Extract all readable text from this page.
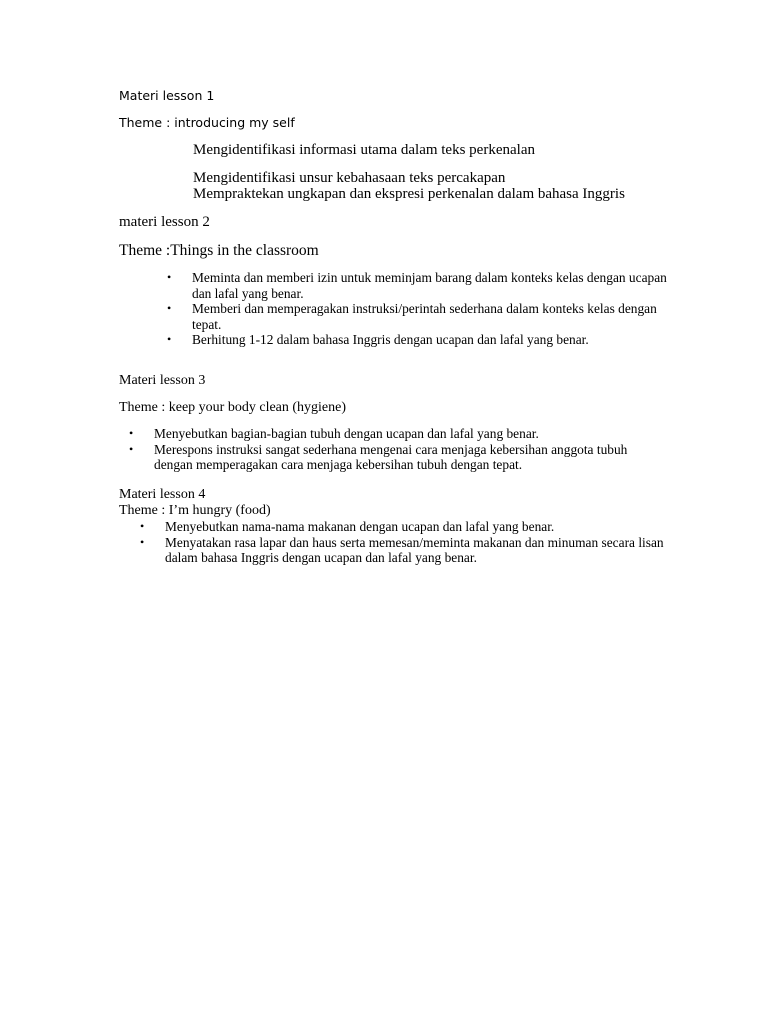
Materi lesson 1
Theme : introducing my self
Mengidentifikasi informasi utama dalam teks perkenalan
Mengidentifikasi unsur kebahasaan teks percakapan
Mempraktekan ungkapan dan ekspresi perkenalan dalam bahasa Inggris
materi lesson 2
Theme :Things in the classroom
• Meminta dan memberi izin untuk meminjam barang dalam konteks kelas dengan ucapan dan lafal yang benar.
• Memberi dan memperagakan instruksi/perintah sederhana dalam konteks kelas dengan tepat.
• Berhitung 1-12 dalam bahasa Inggris dengan ucapan dan lafal yang benar.
Materi lesson 3
Theme : keep your body clean (hygiene)
• Menyebutkan bagian-bagian tubuh dengan ucapan dan lafal yang benar.
• Merespons instruksi sangat sederhana mengenai cara menjaga kebersihan anggota tubuh dengan memperagakan cara menjaga kebersihan tubuh dengan tepat.
Materi lesson 4
Theme : I’m hungry (food)
• Menyebutkan nama-nama makanan dengan ucapan dan lafal yang benar.
• Menyatakan rasa lapar dan haus serta memesan/meminta makanan dan minuman secara lisan dalam bahasa Inggris dengan ucapan dan lafal yang benar.
